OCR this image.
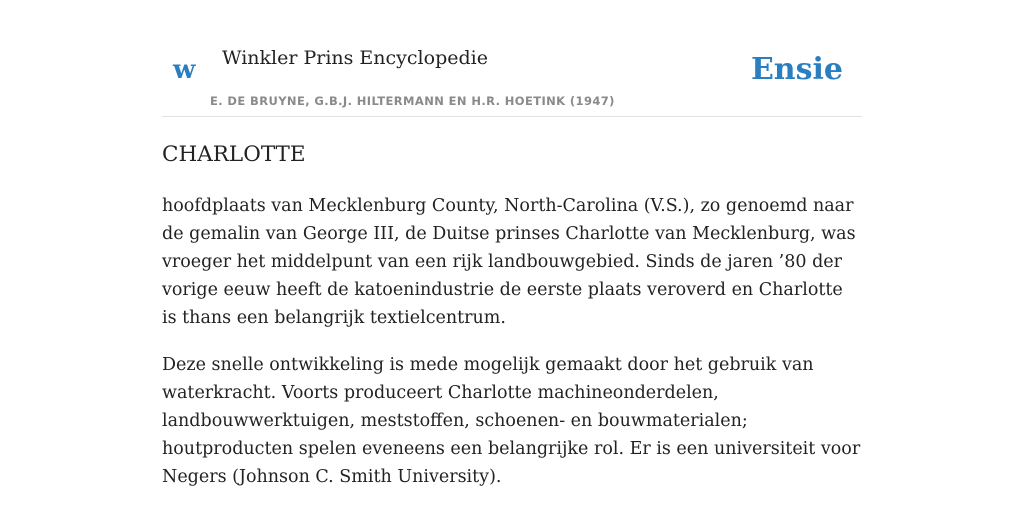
w Winkler Prins Encyclopedie	Ensie
E. DE BRUYNE, G.B.J. HILTERMANN EN H.R. HOETINK (1947)
CHARLOTTE

hoofdplaats van Mecklenburg County, North-Carolina (V.S.), zo genoemd naar de gemalin van George III, de Duitse prinses Charlotte van Mecklenburg, was vroeger het middelpunt van een rijk landbouwgebied. Sinds de jaren ’80 der vorige eeuw heeft de katoenindustrie de eerste plaats veroverd en Charlotte is thans een belangrijk textielcentrum.

Deze snelle ontwikkeling is mede mogelijk gemaakt door het gebruik van waterkracht. Voorts produceert Charlotte machineonderdelen, landbouwwerktuigen, meststoffen, schoenen- en bouwmaterialen; houtproducten spelen eveneens een belangrijke rol. Er is een universiteit voor Negers (Johnson C. Smith University).
